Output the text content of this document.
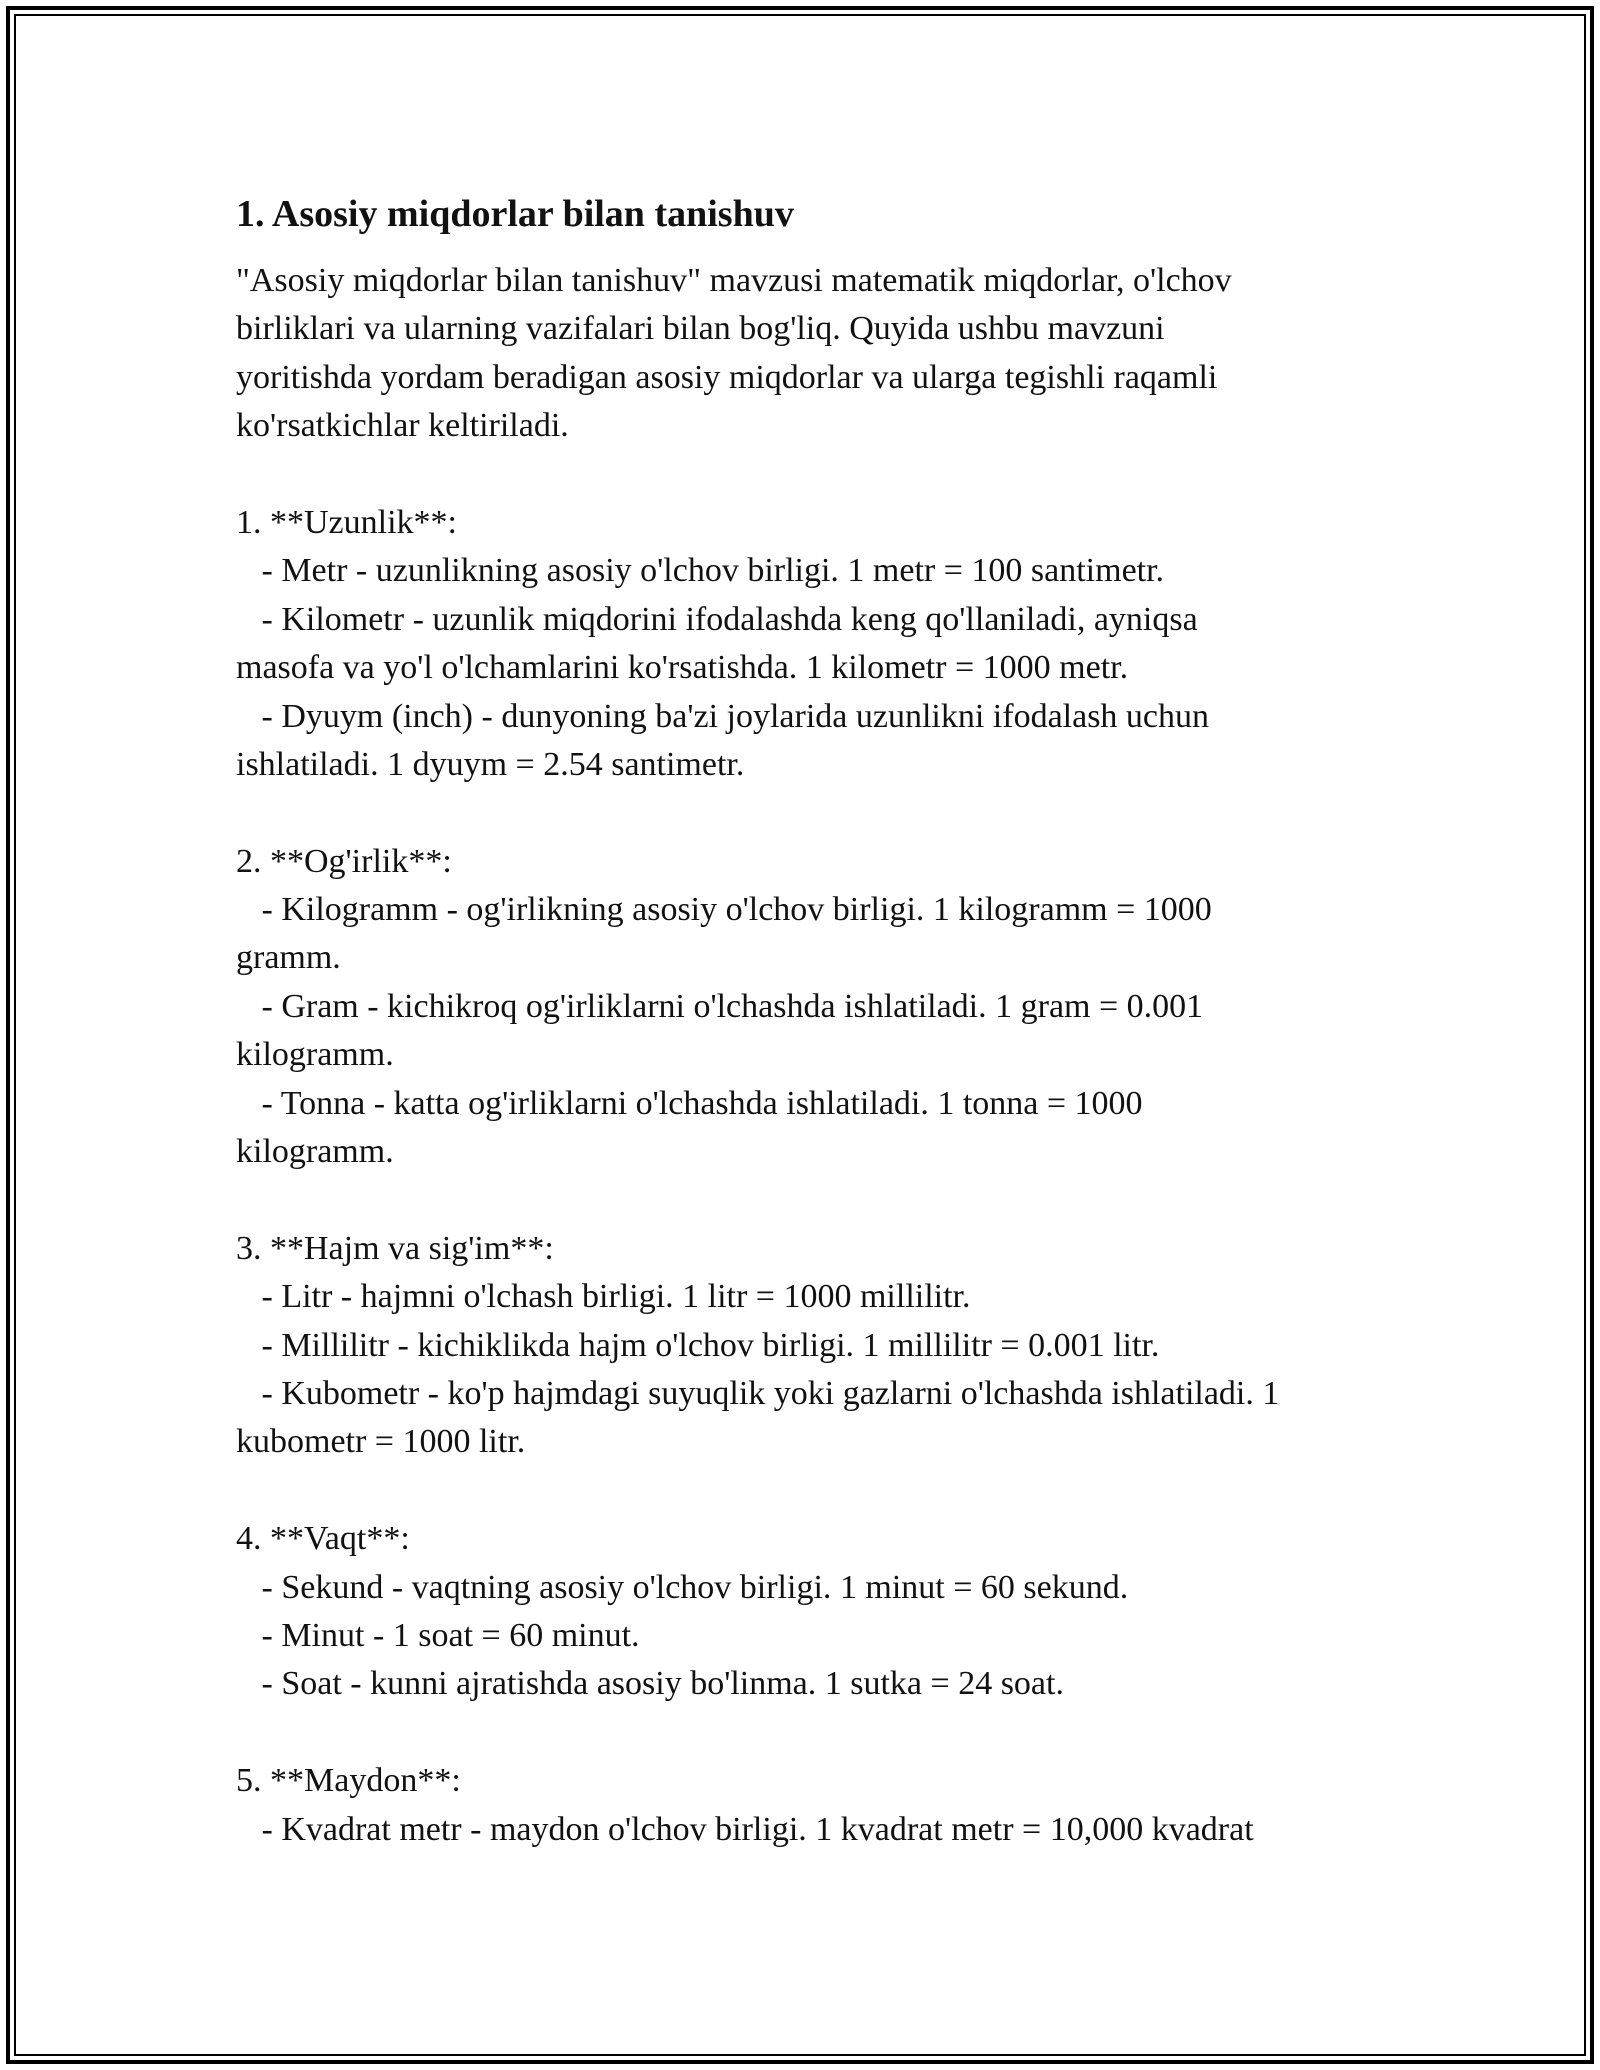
1. Asosiy miqdorlar bilan tanishuv
"Asosiy miqdorlar bilan tanishuv" mavzusi matematik miqdorlar, o'lchov
birliklari va ularning vazifalari bilan bog'liq. Quyida ushbu mavzuni
yoritishda yordam beradigan asosiy miqdorlar va ularga tegishli raqamli
ko'rsatkichlar keltiriladi.
1. **Uzunlik**:
- Metr - uzunlikning asosiy o'lchov birligi. 1 metr = 100 santimetr.
- Kilometr - uzunlik miqdorini ifodalashda keng qo'llaniladi, ayniqsa
masofa va yo'l o'lchamlarini ko'rsatishda. 1 kilometr = 1000 metr.
- Dyuym (inch) - dunyoning ba'zi joylarida uzunlikni ifodalash uchun
ishlatiladi. 1 dyuym = 2.54 santimetr.
2. **Og'irlik**:
- Kilogramm - og'irlikning asosiy o'lchov birligi. 1 kilogramm = 1000
gramm.
- Gram - kichikroq og'irliklarni o'lchashda ishlatiladi. 1 gram = 0.001
kilogramm.
- Tonna - katta og'irliklarni o'lchashda ishlatiladi. 1 tonna = 1000
kilogramm.
3. **Hajm va sig'im**:
- Litr - hajmni o'lchash birligi. 1 litr = 1000 millilitr.
- Millilitr - kichiklikda hajm o'lchov birligi. 1 millilitr = 0.001 litr.
- Kubometr - ko'p hajmdagi suyuqlik yoki gazlarni o'lchashda ishlatiladi. 1
kubometr = 1000 litr.
4. **Vaqt**:
- Sekund - vaqtning asosiy o'lchov birligi. 1 minut = 60 sekund.
- Minut - 1 soat = 60 minut.
- Soat - kunni ajratishda asosiy bo'linma. 1 sutka = 24 soat.
5. **Maydon**:
- Kvadrat metr - maydon o'lchov birligi. 1 kvadrat metr = 10,000 kvadrat
